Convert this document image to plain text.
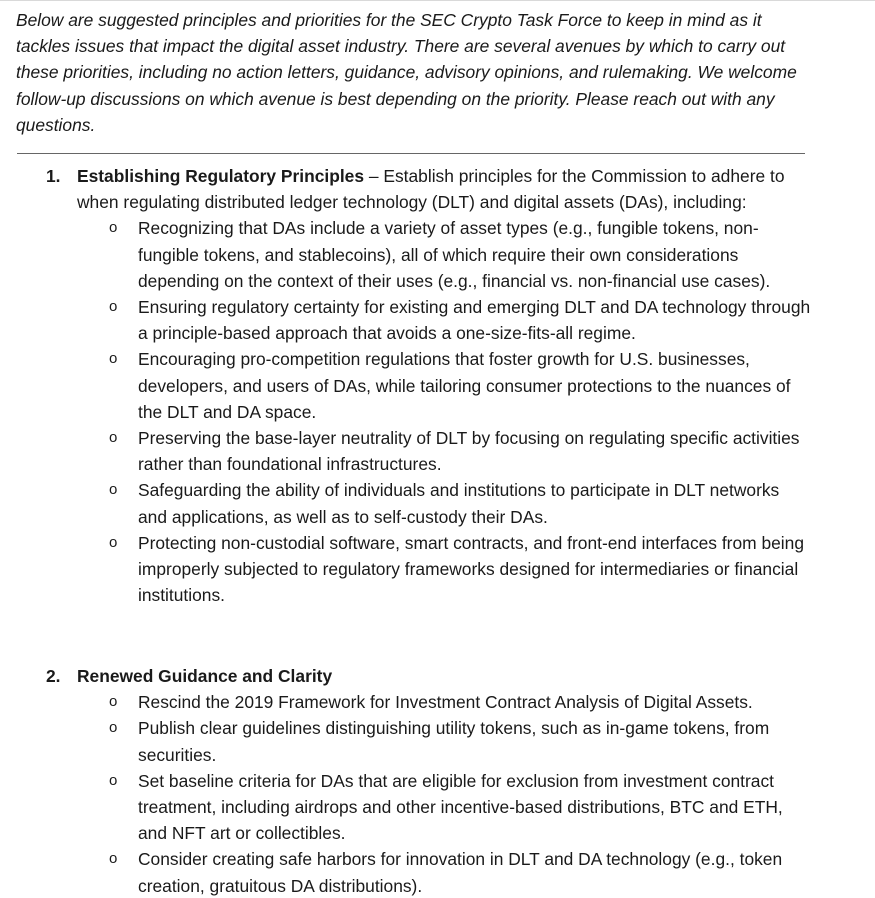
Below are suggested principles and priorities for the SEC Crypto Task Force to keep in mind as it tackles issues that impact the digital asset industry. There are several avenues by which to carry out these priorities, including no action letters, guidance, advisory opinions, and rulemaking. We welcome follow-up discussions on which avenue is best depending on the priority. Please reach out with any questions.

1. Establishing Regulatory Principles – Establish principles for the Commission to adhere to when regulating distributed ledger technology (DLT) and digital assets (DAs), including:

o Recognizing that DAs include a variety of asset types (e.g., fungible tokens, non-fungible tokens, and stablecoins), all of which require their own considerations depending on the context of their uses (e.g., financial vs. non-financial use cases).
o Ensuring regulatory certainty for existing and emerging DLT and DA technology through a principle-based approach that avoids a one-size-fits-all regime.
o Encouraging pro-competition regulations that foster growth for U.S. businesses, developers, and users of DAs, while tailoring consumer protections to the nuances of the DLT and DA space.
o Preserving the base-layer neutrality of DLT by focusing on regulating specific activities rather than foundational infrastructures.
o Safeguarding the ability of individuals and institutions to participate in DLT networks and applications, as well as to self-custody their DAs.
o Protecting non-custodial software, smart contracts, and front-end interfaces from being improperly subjected to regulatory frameworks designed for intermediaries or financial institutions.

2. Renewed Guidance and Clarity

o Rescind the 2019 Framework for Investment Contract Analysis of Digital Assets.
o Publish clear guidelines distinguishing utility tokens, such as in-game tokens, from securities.
o Set baseline criteria for DAs that are eligible for exclusion from investment contract treatment, including airdrops and other incentive-based distributions, BTC and ETH, and NFT art or collectibles.
o Consider creating safe harbors for innovation in DLT and DA technology (e.g., token creation, gratuitous DA distributions).
